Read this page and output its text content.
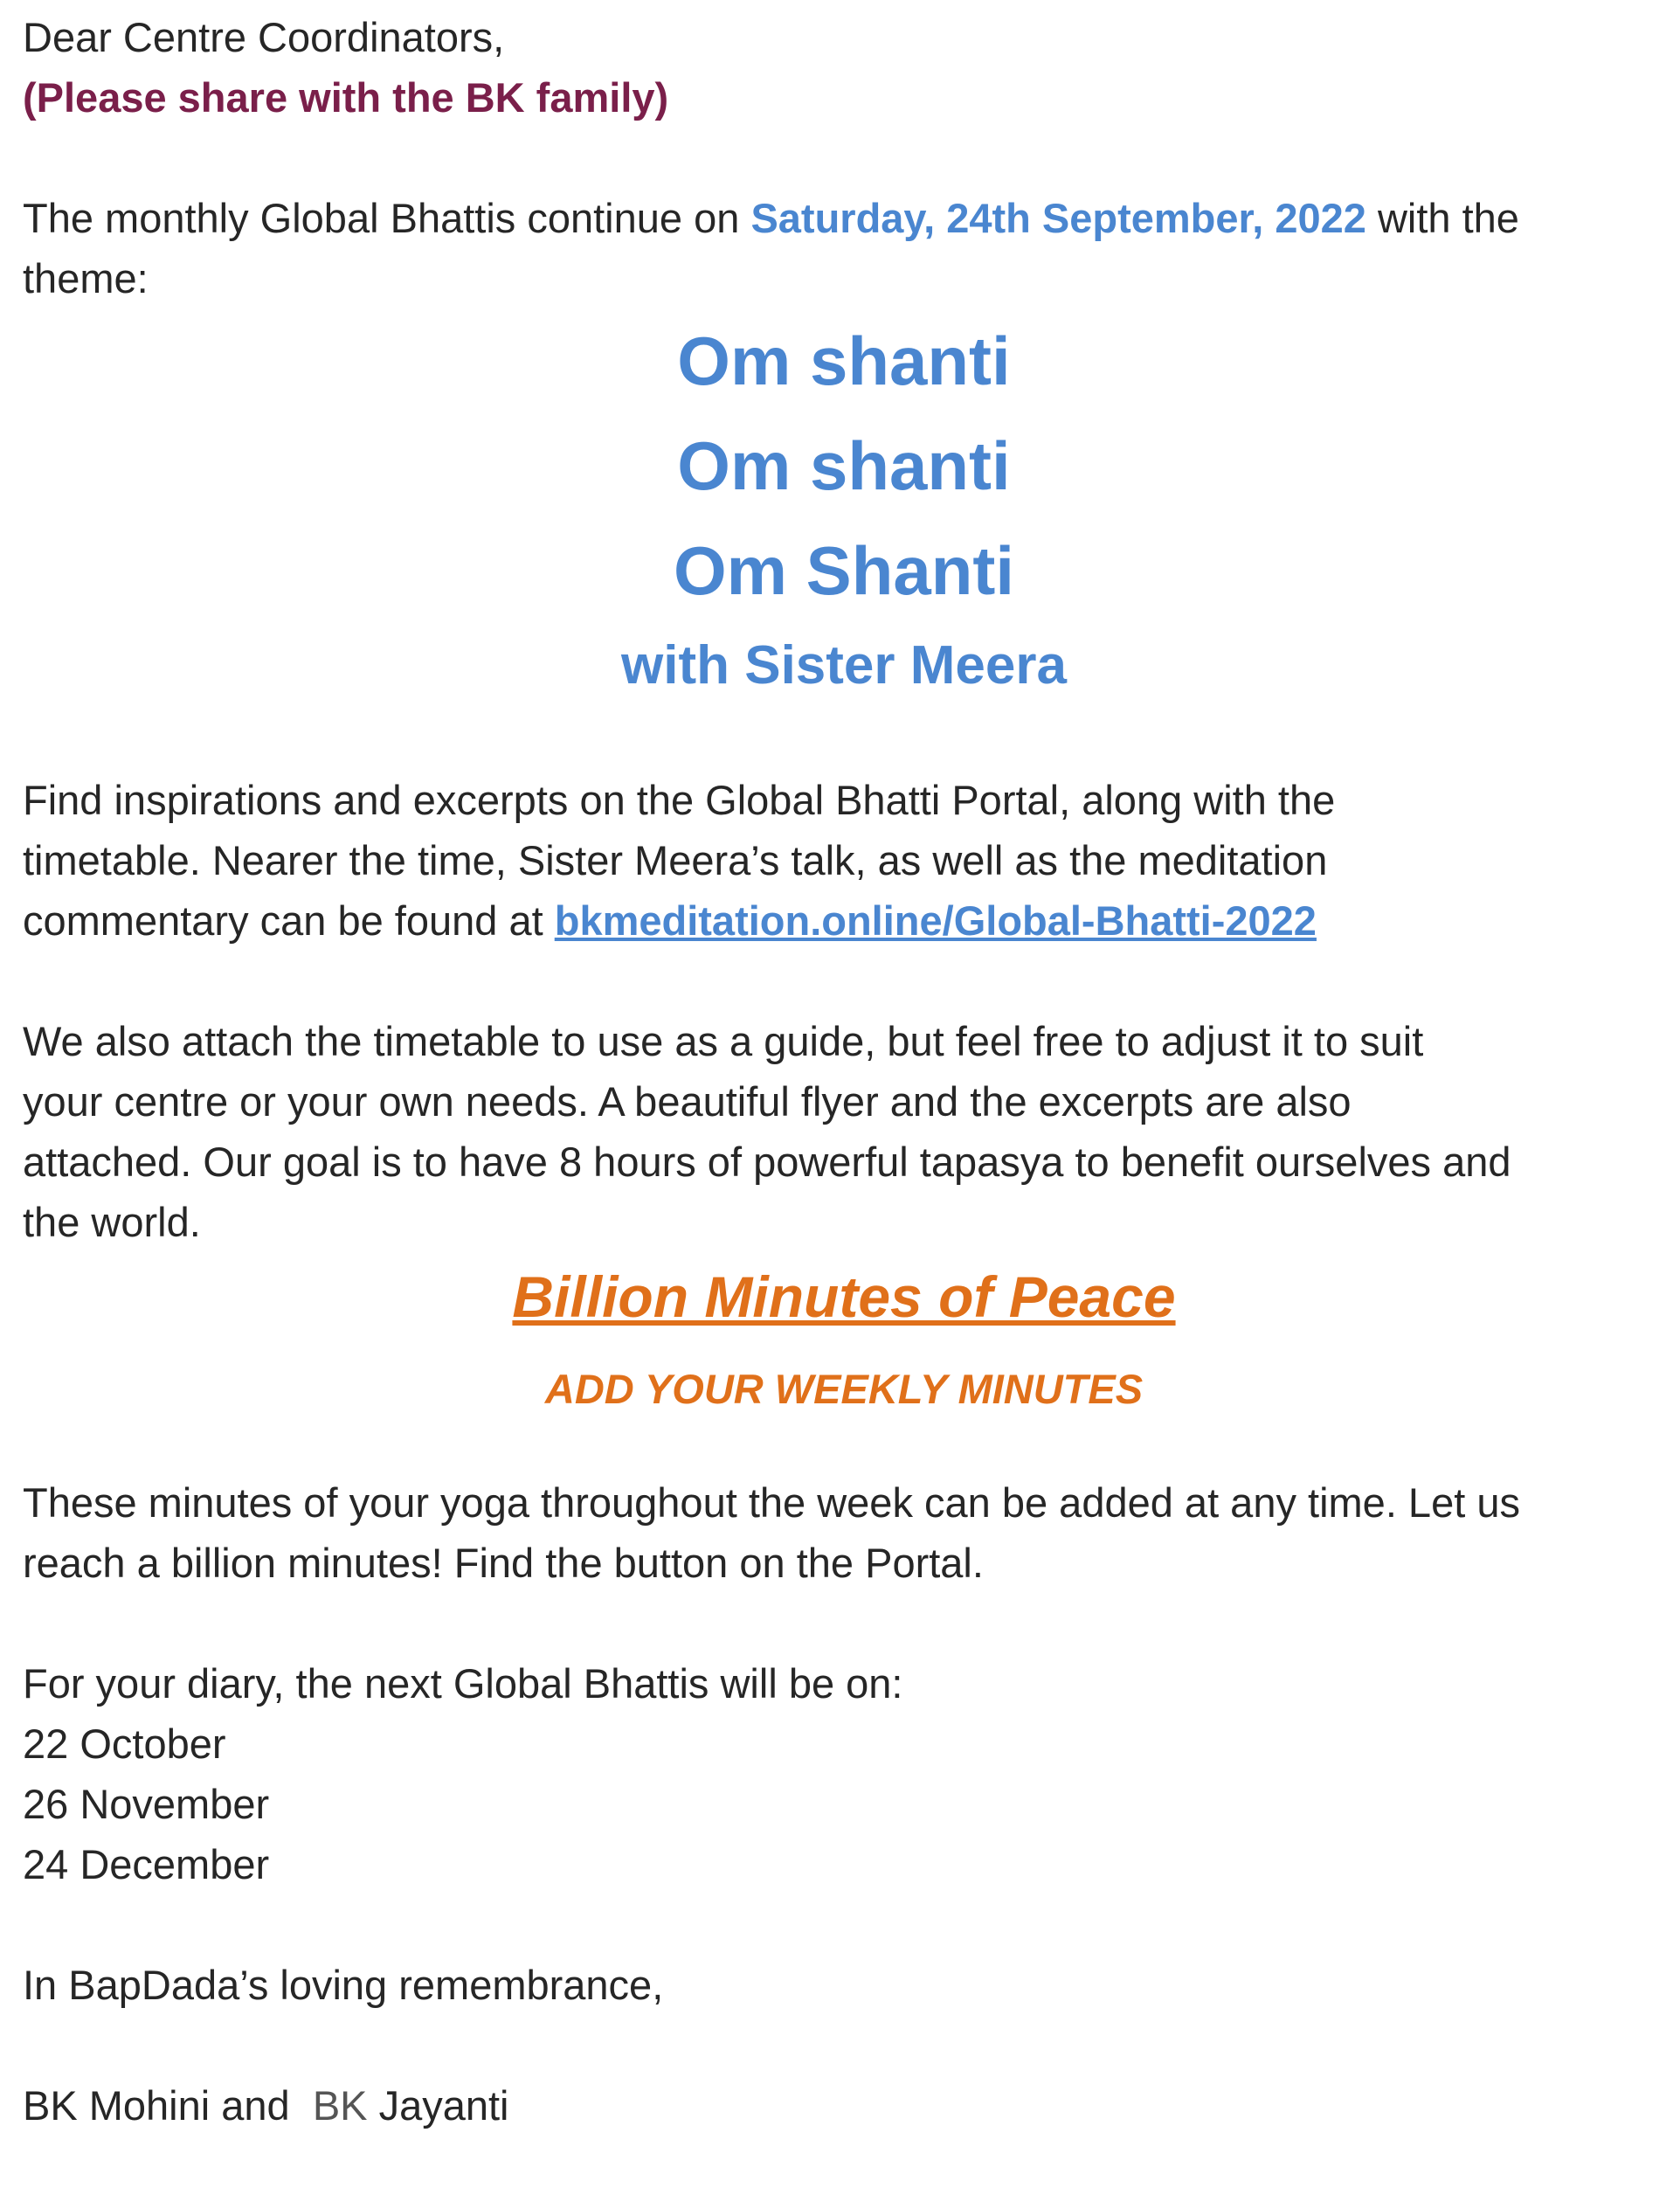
Dear Centre Coordinators,

(Please share with the BK family)

The monthly Global Bhattis continue on Saturday, 24th September, 2022 with the

theme:

Om shanti

Om shanti

Om Shanti

with Sister Meera

Find inspirations and excerpts on the Global Bhatti Portal, along with the

timetable. Nearer the time, Sister Meera’s talk, as well as the meditation

commentary can be found at bkmeditation.online/Global-Bhatti-2022

We also attach the timetable to use as a guide, but feel free to adjust it to suit

your centre or your own needs. A beautiful flyer and the excerpts are also

attached. Our goal is to have 8 hours of powerful tapasya to benefit ourselves and

the world.

Billion Minutes of Peace

ADD YOUR WEEKLY MINUTES

These minutes of your yoga throughout the week can be added at any time. Let us

reach a billion minutes! Find the button on the Portal.

For your diary, the next Global Bhattis will be on:

22 October

26 November

24 December

In BapDada’s loving remembrance,

BK Mohini and  BK Jayanti
